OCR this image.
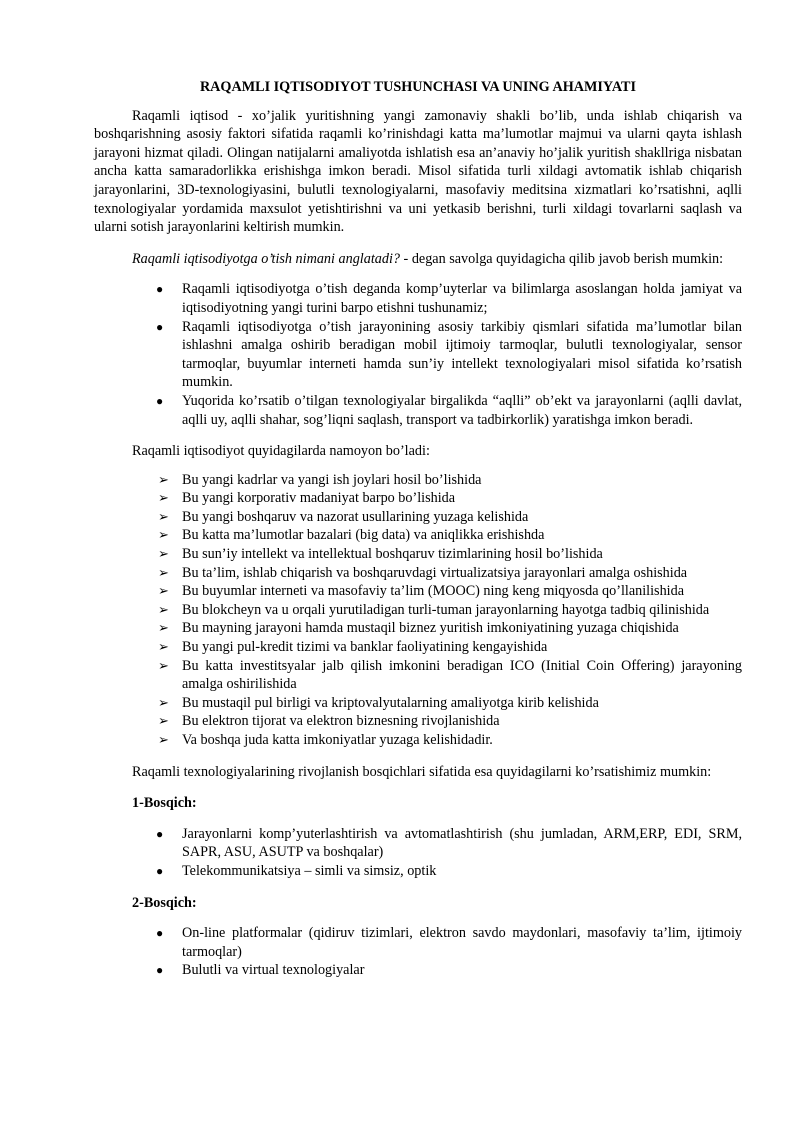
RAQAMLI IQTISODIYOT TUSHUNCHASI VA UNING AHAMIYATI

Raqamli iqtisod - xo’jalik yuritishning yangi zamonaviy shakli bo’lib, unda ishlab chiqarish va boshqarishning asosiy faktori sifatida raqamli ko’rinishdagi katta ma’lumotlar majmui va ularni qayta ishlash jarayoni hizmat qiladi. Olingan natijalarni amaliyotda ishlatish esa an’anaviy ho’jalik yuritish shakllriga nisbatan ancha katta samaradorlikka erishishga imkon beradi. Misol sifatida turli xildagi avtomatik ishlab chiqarish jarayonlarini, 3D-texnologiyasini, bulutli texnologiyalarni, masofaviy meditsina xizmatlari ko’rsatishni, aqlli texnologiyalar yordamida maxsulot yetishtirishni va uni yetkasib berishni, turli xildagi tovarlarni saqlash va ularni sotish jarayonlarini keltirish mumkin.

Raqamli iqtisodiyotga o’tish nimani anglatadi? - degan savolga quyidagicha qilib javob berish mumkin:

● Raqamli iqtisodiyotga o’tish deganda komp’uyterlar va bilimlarga asoslangan holda jamiyat va iqtisodiyotning yangi turini barpo etishni tushunamiz;
● Raqamli iqtisodiyotga o’tish jarayonining asosiy tarkibiy qismlari sifatida ma’lumotlar bilan ishlashni amalga oshirib beradigan mobil ijtimoiy tarmoqlar, bulutli texnologiyalar, sensor tarmoqlar, buyumlar interneti hamda sun’iy intellekt texnologiyalari misol sifatida ko’rsatish mumkin.
● Yuqorida ko’rsatib o’tilgan texnologiyalar birgalikda “aqlli” ob’ekt va jarayonlarni (aqlli davlat, aqlli uy, aqlli shahar, sog’liqni saqlash, transport va tadbirkorlik) yaratishga imkon beradi.

Raqamli iqtisodiyot quyidagilarda namoyon bo’ladi:

➢ Bu yangi kadrlar va yangi ish joylari hosil bo’lishida
➢ Bu yangi korporativ madaniyat barpo bo’lishida
➢ Bu yangi boshqaruv va nazorat usullarining yuzaga kelishida
➢ Bu katta ma’lumotlar bazalari (big data) va aniqlikka erishishda
➢ Bu sun’iy intellekt va intellektual boshqaruv tizimlarining hosil bo’lishida
➢ Bu ta’lim, ishlab chiqarish va boshqaruvdagi virtualizatsiya jarayonlari amalga oshishida
➢ Bu buyumlar interneti va masofaviy ta’lim (MOOC) ning keng miqyosda qo’llanilishida
➢ Bu blokcheyn va u orqali yurutiladigan turli-tuman jarayonlarning hayotga tadbiq qilinishida
➢ Bu mayning jarayoni hamda mustaqil biznez yuritish imkoniyatining yuzaga chiqishida
➢ Bu yangi pul-kredit tizimi va banklar faoliyatining kengayishida
➢ Bu katta investitsyalar jalb qilish imkonini beradigan ICO (Initial Coin Offering) jarayoning amalga oshirilishida
➢ Bu mustaqil pul birligi va kriptovalyutalarning amaliyotga kirib kelishida
➢ Bu elektron tijorat va elektron biznesning rivojlanishida
➢ Va boshqa juda katta imkoniyatlar yuzaga kelishidadir.

Raqamli texnologiyalarining rivojlanish bosqichlari sifatida esa quyidagilarni ko’rsatishimiz mumkin:

1-Bosqich:

● Jarayonlarni komp’yuterlashtirish va avtomatlashtirish (shu jumladan, ARM,ERP, EDI, SRM, SAPR, ASU, ASUTP va boshqalar)
● Telekommunikatsiya – simli va simsiz, optik

2-Bosqich:

● On-line platformalar (qidiruv tizimlari, elektron savdo maydonlari, masofaviy ta’lim, ijtimoiy tarmoqlar)
● Bulutli va virtual texnologiyalar
